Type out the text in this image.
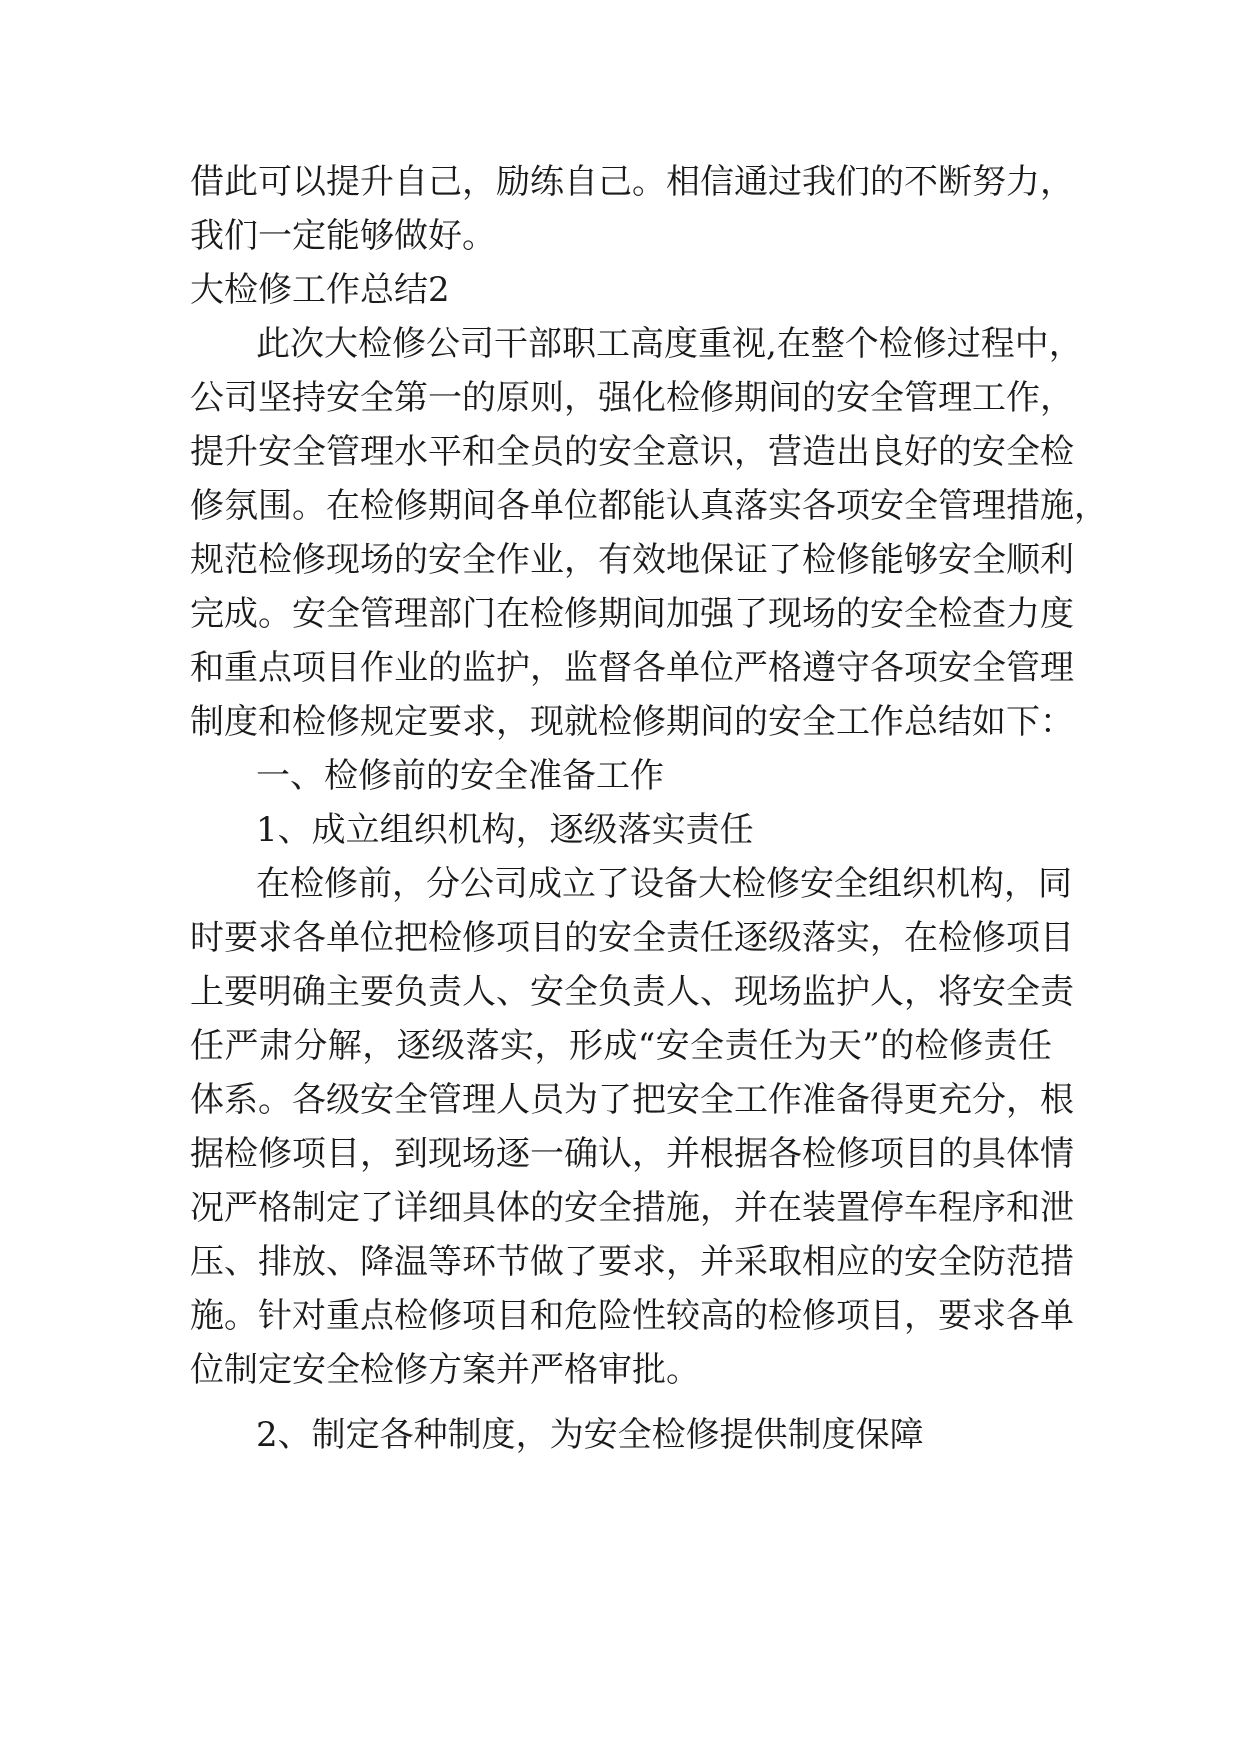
借此可以提升自己，励练自己。相信通过我们的不断努力，
我们一定能够做好。
大检修工作总结2
此次大检修公司干部职工高度重视,在整个检修过程中，
公司坚持安全第一的原则，强化检修期间的安全管理工作，
提升安全管理水平和全员的安全意识，营造出良好的安全检
修氛围。在检修期间各单位都能认真落实各项安全管理措施，
规范检修现场的安全作业，有效地保证了检修能够安全顺利
完成。安全管理部门在检修期间加强了现场的安全检查力度
和重点项目作业的监护，监督各单位严格遵守各项安全管理
制度和检修规定要求，现就检修期间的安全工作总结如下：
一、检修前的安全准备工作
1、成立组织机构，逐级落实责任
在检修前，分公司成立了设备大检修安全组织机构，同
时要求各单位把检修项目的安全责任逐级落实，在检修项目
上要明确主要负责人、安全负责人、现场监护人，将安全责
任严肃分解，逐级落实，形成“安全责任为天”的检修责任
体系。各级安全管理人员为了把安全工作准备得更充分，根
据检修项目，到现场逐一确认，并根据各检修项目的具体情
况严格制定了详细具体的安全措施，并在装置停车程序和泄
压、排放、降温等环节做了要求，并采取相应的安全防范措
施。针对重点检修项目和危险性较高的检修项目，要求各单
位制定安全检修方案并严格审批。
2、制定各种制度，为安全检修提供制度保障
